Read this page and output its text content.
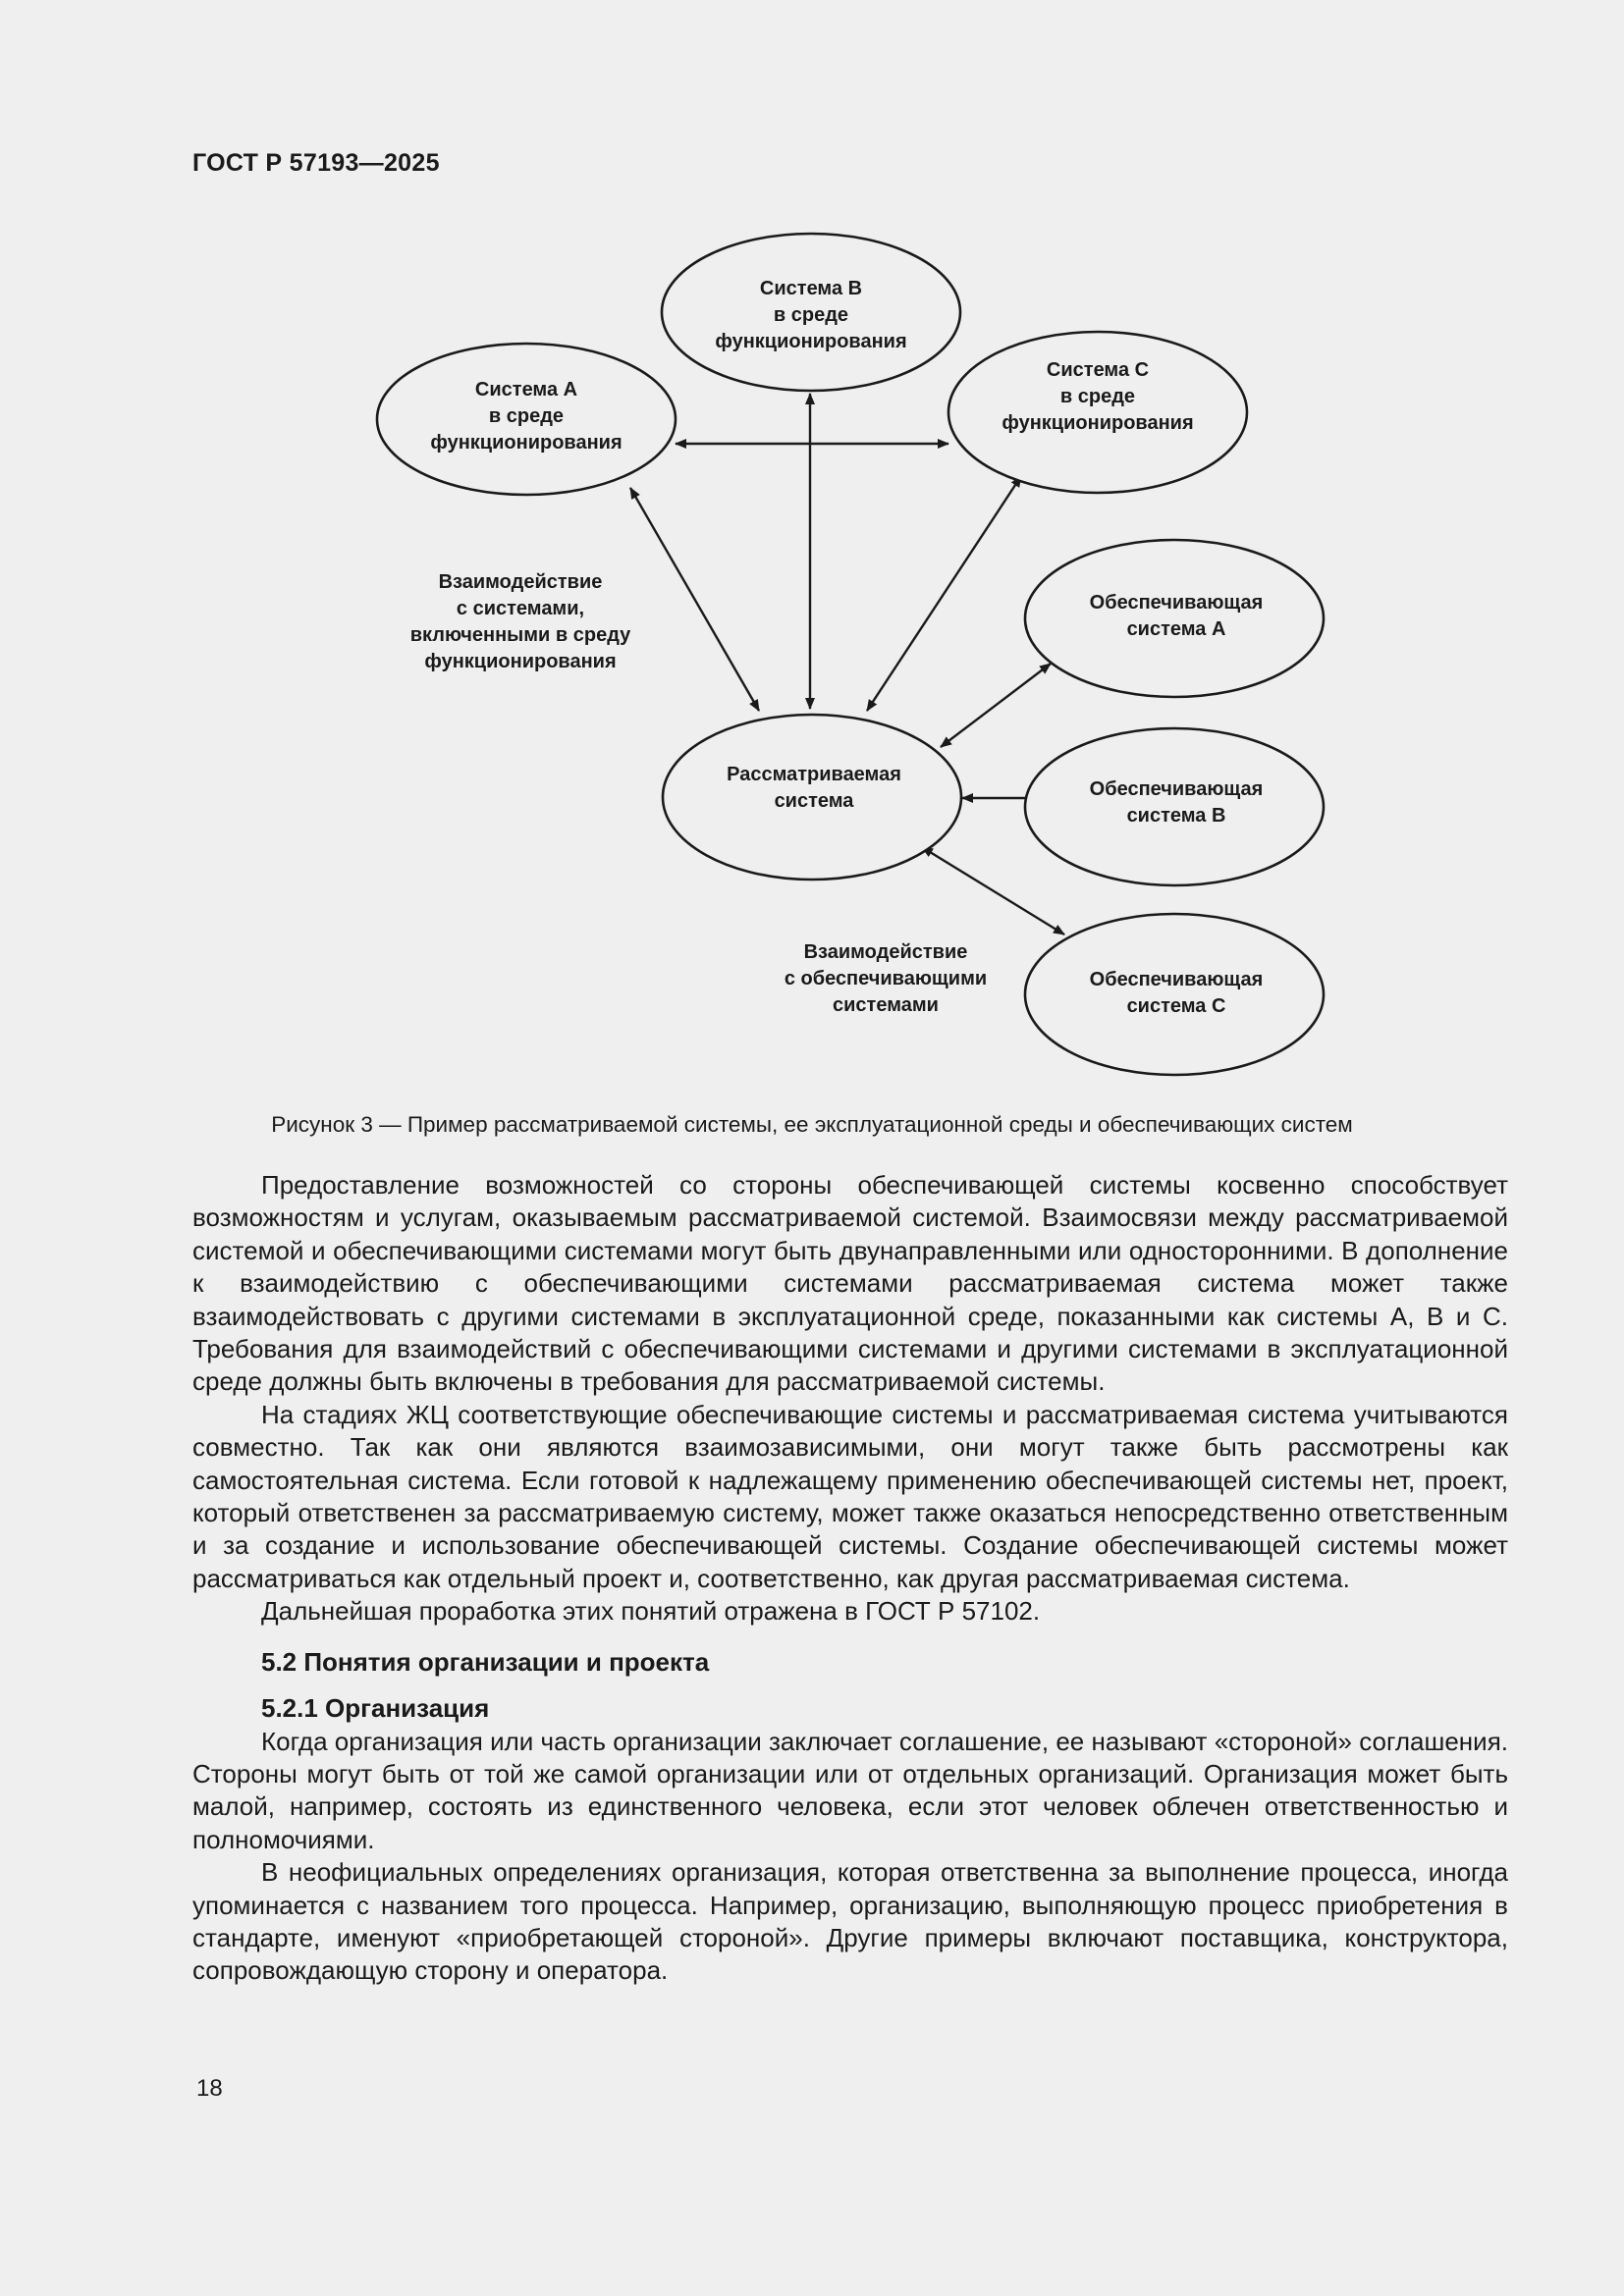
ГОСТ Р 57193—2025
Система А в среде функционирования
Система В в среде функционирования
Система С в среде функционирования
Рассматриваемая система
Обеспечивающая система А
Обеспечивающая система В
Обеспечивающая система С
Взаимодействие с системами, включенными в среду функционирования
Взаимодействие с обеспечивающими системами
Рисунок 3 — Пример рассматриваемой системы, ее эксплуатационной среды и обеспечивающих систем

Предоставление возможностей со стороны обеспечивающей системы косвенно способствует возможностям и услугам, оказываемым рассматриваемой системой. Взаимосвязи между рассматриваемой системой и обеспечивающими системами могут быть двунаправленными или односторонними. В дополнение к взаимодействию с обеспечивающими системами рассматриваемая система может также взаимодействовать с другими системами в эксплуатационной среде, показанными как системы А, В и С. Требования для взаимодействий с обеспечивающими системами и другими системами в эксплуатационной среде должны быть включены в требования для рассматриваемой системы.

На стадиях ЖЦ соответствующие обеспечивающие системы и рассматриваемая система учитываются совместно. Так как они являются взаимозависимыми, они могут также быть рассмотрены как самостоятельная система. Если готовой к надлежащему применению обеспечивающей системы нет, проект, который ответственен за рассматриваемую систему, может также оказаться непосредственно ответственным и за создание и использование обеспечивающей системы. Создание обеспечивающей системы может рассматриваться как отдельный проект и, соответственно, как другая рассматриваемая система.

Дальнейшая проработка этих понятий отражена в ГОСТ Р 57102.

5.2 Понятия организации и проекта
5.2.1 Организация

Когда организация или часть организации заключает соглашение, ее называют «стороной» соглашения. Стороны могут быть от той же самой организации или от отдельных организаций. Организация может быть малой, например, состоять из единственного человека, если этот человек облечен ответственностью и полномочиями.

В неофициальных определениях организация, которая ответственна за выполнение процесса, иногда упоминается с названием того процесса. Например, организацию, выполняющую процесс приобретения в стандарте, именуют «приобретающей стороной». Другие примеры включают поставщика, конструктора, сопровождающую сторону и оператора.

18
